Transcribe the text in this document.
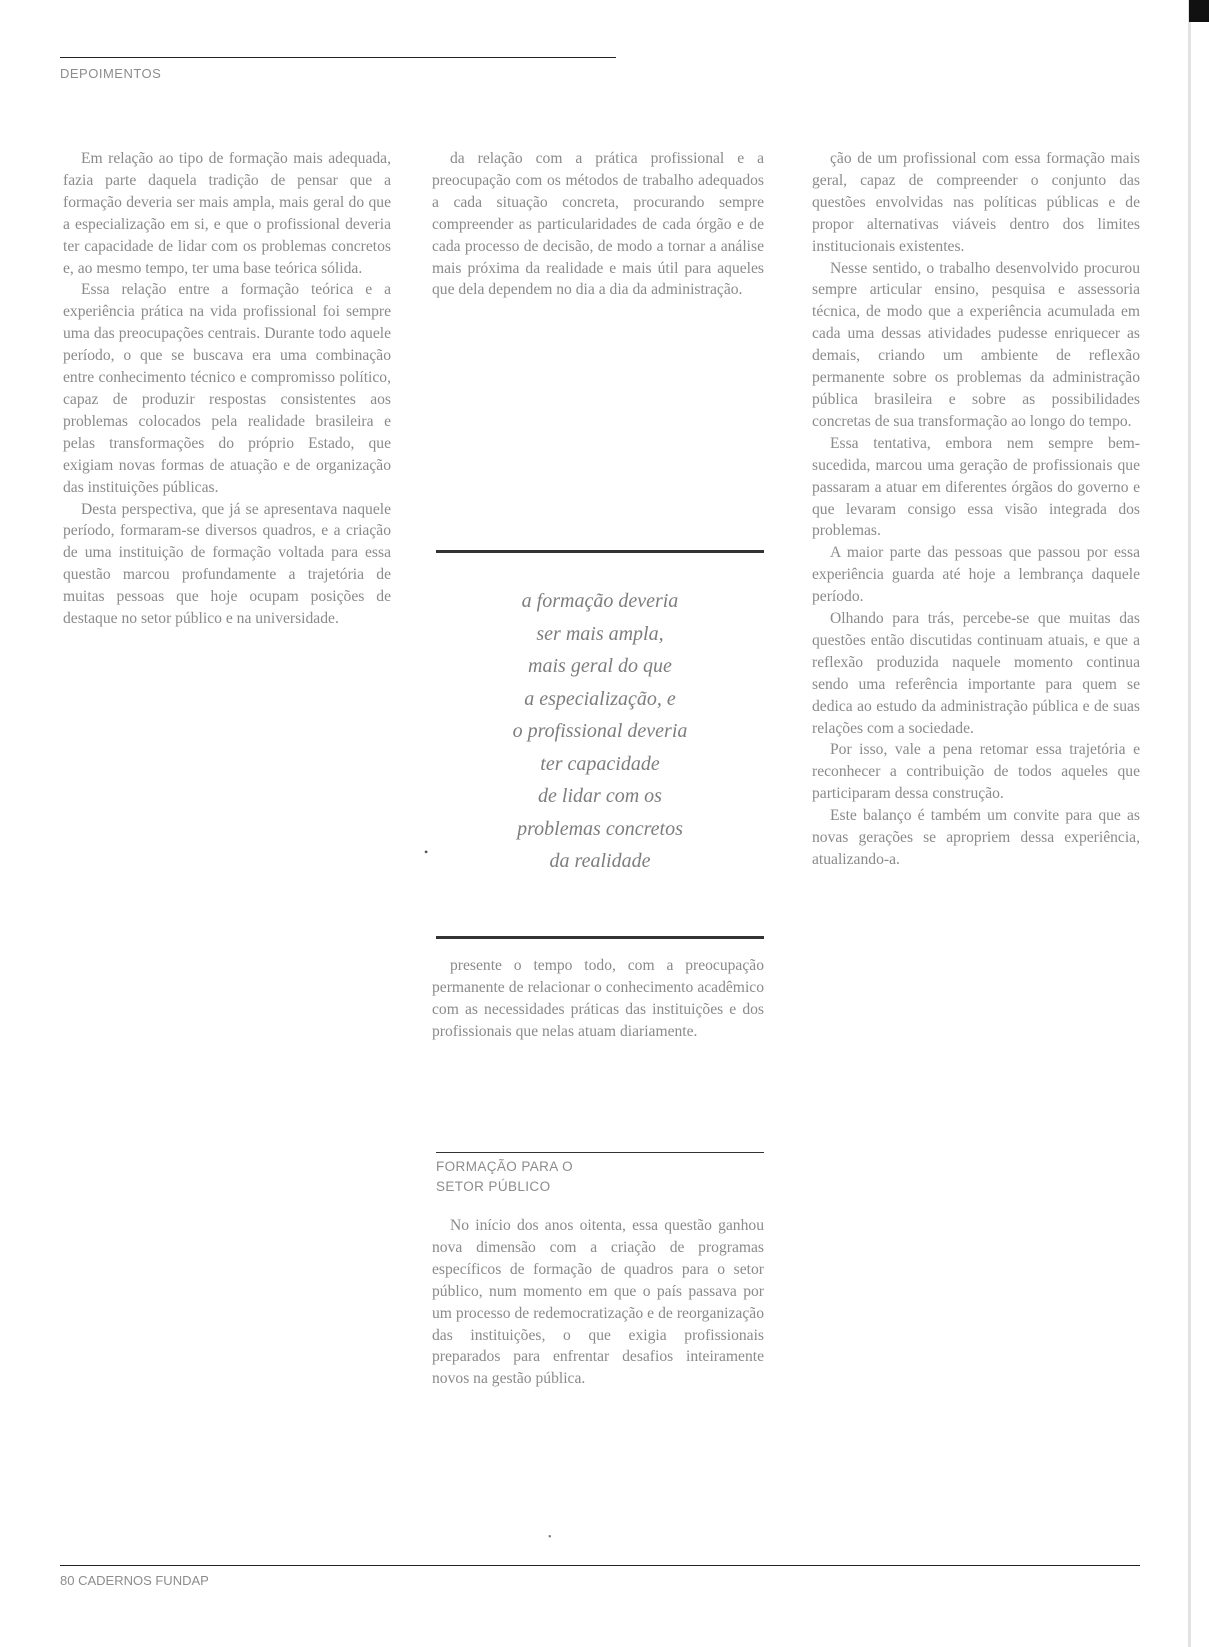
DEPOIMENTOS

Em relação ao tipo de formação mais adequada, fazia parte daquela tradição de pensar que a formação deveria ser mais ampla, mais geral do que a especialização em si, e que o profissional deveria ter capacidade de lidar com os problemas concretos e, ao mesmo tempo, ter uma base teórica sólida.

Essa relação entre a formação teórica e a experiência prática na vida profissional foi sempre uma das preocupações centrais. Durante todo aquele período, o que se buscava era uma combinação entre conhecimento técnico e compromisso político, capaz de produzir respostas consistentes aos problemas colocados pela realidade brasileira e pelas transformações do próprio Estado, que exigiam novas formas de atuação e de organização das instituições públicas.

Desta perspectiva, que já se apresentava naquele período, formaram-se diversos quadros, e a criação de uma instituição de formação voltada para essa questão marcou profundamente a trajetória de muitas pessoas que hoje ocupam posições de destaque no setor público e na universidade.

da relação com a prática profissional e a preocupação com os métodos de trabalho adequados a cada situação concreta, procurando sempre compreender as particularidades de cada órgão e de cada processo de decisão, de modo a tornar a análise mais próxima da realidade e mais útil para aqueles que dela dependem no dia a dia da administração.

a formação deveria
ser mais ampla,
mais geral do que
a especialização, e
o profissional deveria
ter capacidade
de lidar com os
problemas concretos
da realidade
•

presente o tempo todo, com a preocupação permanente de relacionar o conhecimento acadêmico com as necessidades práticas das instituições e dos profissionais que nelas atuam diariamente.

FORMAÇÃO PARA O
SETOR PÚBLICO

No início dos anos oitenta, essa questão ganhou nova dimensão com a criação de programas específicos de formação de quadros para o setor público, num momento em que o país passava por um processo de redemocratização e de reorganização das instituições, o que exigia profissionais preparados para enfrentar desafios inteiramente novos na gestão pública.

ção de um profissional com essa formação mais geral, capaz de compreender o conjunto das questões envolvidas nas políticas públicas e de propor alternativas viáveis dentro dos limites institucionais existentes.

Nesse sentido, o trabalho desenvolvido procurou sempre articular ensino, pesquisa e assessoria técnica, de modo que a experiência acumulada em cada uma dessas atividades pudesse enriquecer as demais, criando um ambiente de reflexão permanente sobre os problemas da administração pública brasileira e sobre as possibilidades concretas de sua transformação ao longo do tempo.

Essa tentativa, embora nem sempre bem-sucedida, marcou uma geração de profissionais que passaram a atuar em diferentes órgãos do governo e que levaram consigo essa visão integrada dos problemas.

A maior parte das pessoas que passou por essa experiência guarda até hoje a lembrança daquele período.

Olhando para trás, percebe-se que muitas das questões então discutidas continuam atuais, e que a reflexão produzida naquele momento continua sendo uma referência importante para quem se dedica ao estudo da administração pública e de suas relações com a sociedade.

Por isso, vale a pena retomar essa trajetória e reconhecer a contribuição de todos aqueles que participaram dessa construção.

Este balanço é também um convite para que as novas gerações se apropriem dessa experiência, atualizando-a.

•
80 CADERNOS FUNDAP
